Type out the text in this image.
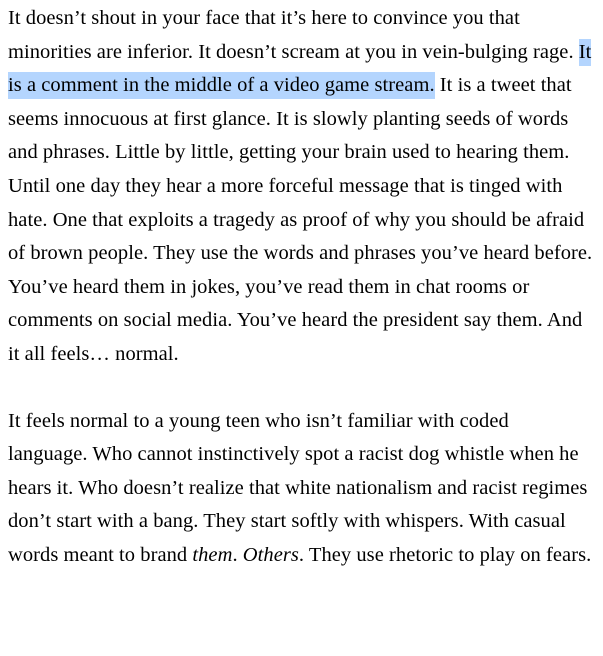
It doesn’t shout in your face that it’s here to convince you that minorities are inferior. It doesn’t scream at you in vein-bulging rage. It is a comment in the middle of a video game stream. It is a tweet that seems innocuous at first glance. It is slowly planting seeds of words and phrases. Little by little, getting your brain used to hearing them. Until one day they hear a more forceful message that is tinged with hate. One that exploits a tragedy as proof of why you should be afraid of brown people. They use the words and phrases you’ve heard before. You’ve heard them in jokes, you’ve read them in chat rooms or comments on social media. You’ve heard the president say them. And it all feels… normal.

It feels normal to a young teen who isn’t familiar with coded language. Who cannot instinctively spot a racist dog whistle when he hears it. Who doesn’t realize that white nationalism and racist regimes don’t start with a bang. They start softly with whispers. With casual words meant to brand them. Others. They use rhetoric to play on fears.
